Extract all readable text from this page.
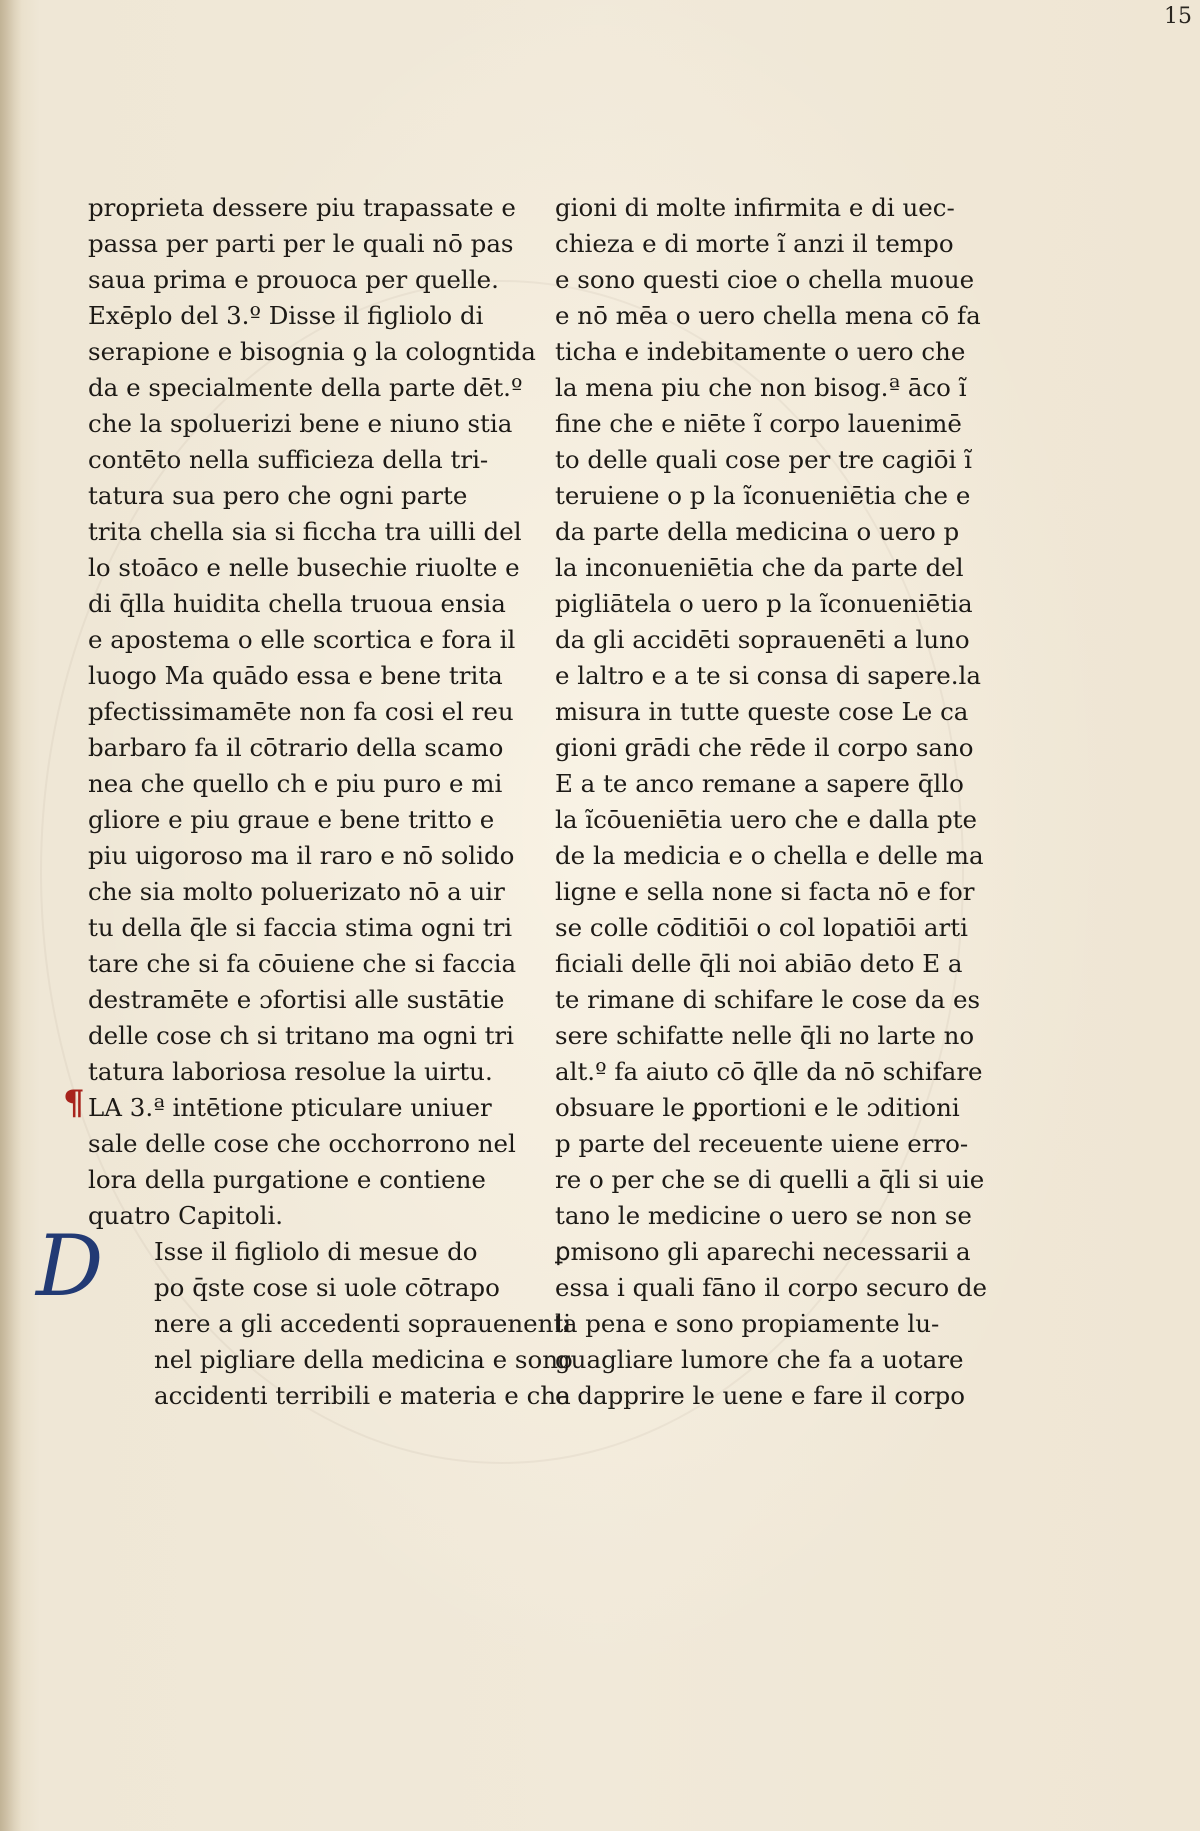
15
proprieta dessere piu trapassate e
passa per parti per le quali nō pas
saua prima e prouoca per quelle.
Exēplo del 3.º Disse il figliolo di
serapione e bisognia ƍ la cologntida
da e specialmente della parte dēt.º
che la spoluerizi bene e niuno stia
contēto nella sufficieza della tri-
tatura sua pero che ogni parte
trita chella sia si ficcha tra uilli del
lo stoāco e nelle busechie riuolte e
di q̄lla huidita chella truoua ensia
e apostema o elle scortica e fora il
luogo Ma quādo essa e bene trita
pfectissimamēte non fa cosi el reu
barbaro fa il cōtrario della scamo
nea che quello ch e piu puro e mi
gliore e piu graue e bene tritto e
piu uigoroso ma il raro e nō solido
che sia molto poluerizato nō a uir
tu della q̄le si faccia stima ogni tri
tare che si fa cōuiene che si faccia
destramēte e ɔfortisi alle sustātie
delle cose ch si tritano ma ogni tri
tatura laboriosa resolue la uirtu.
LA 3.ª intētione pticulare uniuer
sale delle cose che occhorrono nel
lora della purgatione e contiene
quatro Capitoli.
Isse il figliolo di mesue do
po q̄ste cose si uole cōtrapo
nere a gli accedenti soprauenenti
nel pigliare della medicina e sono
accidenti terribili e materia e cha
¶
D
gioni di molte infirmita e di uec-
chieza e di morte ĩ anzi il tempo
e sono questi cioe o chella muoue
e nō mēa o uero chella mena cō fa
ticha e indebitamente o uero che
la mena piu che non bisog.ª āco ĩ
fine che e niēte ĩ corpo lauenimē
to delle quali cose per tre cagiōi ĩ
teruiene o p la ĩconueniētia che e
da parte della medicina o uero p
la inconueniētia che da parte del
pigliātela o uero p la ĩconueniētia
da gli accidēti soprauenēti a luno
e laltro e a te si consa di sapere.la
misura in tutte queste cose Le ca
gioni grādi che rēde il corpo sano
E a te anco remane a sapere q̄llo
la ĩcōueniētia uero che e dalla pte
de la medicia e o chella e delle ma
ligne e sella none si facta nō e for
se colle cōditiōi o col lopatiōi arti
ficiali delle q̄li noi abiāo deto E a
te rimane di schifare le cose da es
sere schifatte nelle q̄li no larte no
alt.º fa aiuto cō q̄lle da nō schifare
obsuare le ꝑportioni e le ɔditioni
p parte del receuente uiene erro-
re o per che se di quelli a q̄li si uie
tano le medicine o uero se non se
ꝑmisono gli aparechi necessarii a
essa i quali fāno il corpo securo de
la pena e sono propiamente lu-
guagliare lumore che fa a uotare
e dapprire le uene e fare il corpo
